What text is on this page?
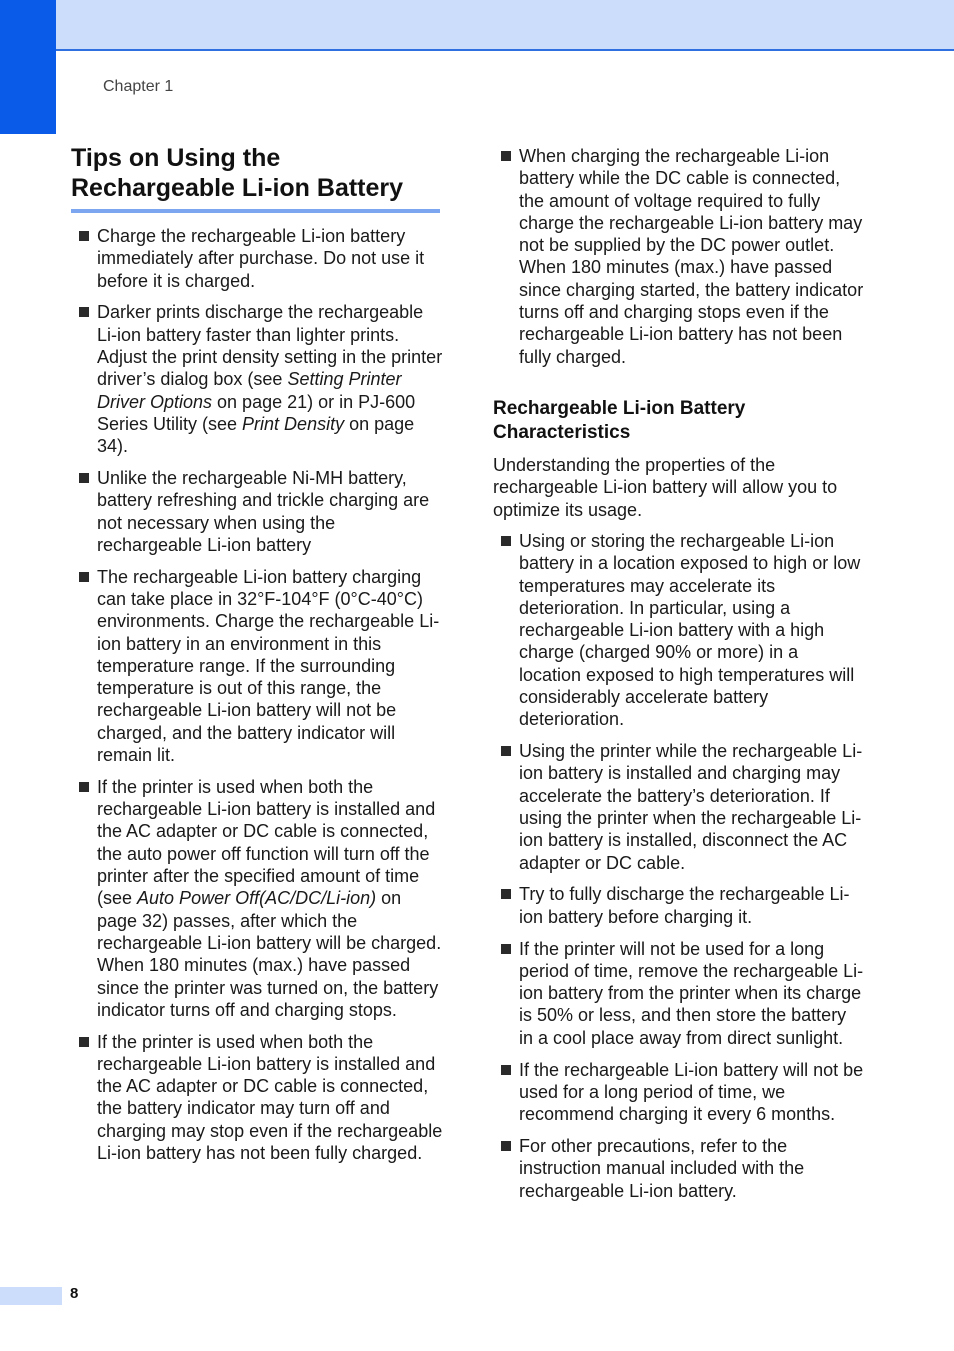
Chapter 1
Tips on Using the Rechargeable Li-ion Battery
Charge the rechargeable Li-ion battery immediately after purchase. Do not use it before it is charged.
Darker prints discharge the rechargeable Li-ion battery faster than lighter prints. Adjust the print density setting in the printer driver’s dialog box (see Setting Printer Driver Options on page 21) or in PJ-600 Series Utility (see Print Density on page 34).
Unlike the rechargeable Ni-MH battery, battery refreshing and trickle charging are not necessary when using the rechargeable Li-ion battery
The rechargeable Li-ion battery charging can take place in 32°F-104°F (0°C-40°C) environments. Charge the rechargeable Li-ion battery in an environment in this temperature range. If the surrounding temperature is out of this range, the rechargeable Li-ion battery will not be charged, and the battery indicator will remain lit.
If the printer is used when both the rechargeable Li-ion battery is installed and the AC adapter or DC cable is connected, the auto power off function will turn off the printer after the specified amount of time (see Auto Power Off(AC/DC/Li-ion) on page 32) passes, after which the rechargeable Li-ion battery will be charged. When 180 minutes (max.) have passed since the printer was turned on, the battery indicator turns off and charging stops.
If the printer is used when both the rechargeable Li-ion battery is installed and the AC adapter or DC cable is connected, the battery indicator may turn off and charging may stop even if the rechargeable Li-ion battery has not been fully charged.
When charging the rechargeable Li-ion battery while the DC cable is connected, the amount of voltage required to fully charge the rechargeable Li-ion battery may not be supplied by the DC power outlet. When 180 minutes (max.) have passed since charging started, the battery indicator turns off and charging stops even if the rechargeable Li-ion battery has not been fully charged.
Rechargeable Li-ion Battery Characteristics

Understanding the properties of the rechargeable Li-ion battery will allow you to optimize its usage.

Using or storing the rechargeable Li-ion battery in a location exposed to high or low temperatures may accelerate its deterioration. In particular, using a rechargeable Li-ion battery with a high charge (charged 90% or more) in a location exposed to high temperatures will considerably accelerate battery deterioration.
Using the printer while the rechargeable Li-ion battery is installed and charging may accelerate the battery’s deterioration. If using the printer when the rechargeable Li-ion battery is installed, disconnect the AC adapter or DC cable.
Try to fully discharge the rechargeable Li-ion battery before charging it.
If the printer will not be used for a long period of time, remove the rechargeable Li-ion battery from the printer when its charge is 50% or less, and then store the battery in a cool place away from direct sunlight.
If the rechargeable Li-ion battery will not be used for a long period of time, we recommend charging it every 6 months.
For other precautions, refer to the instruction manual included with the rechargeable Li-ion battery.
8
